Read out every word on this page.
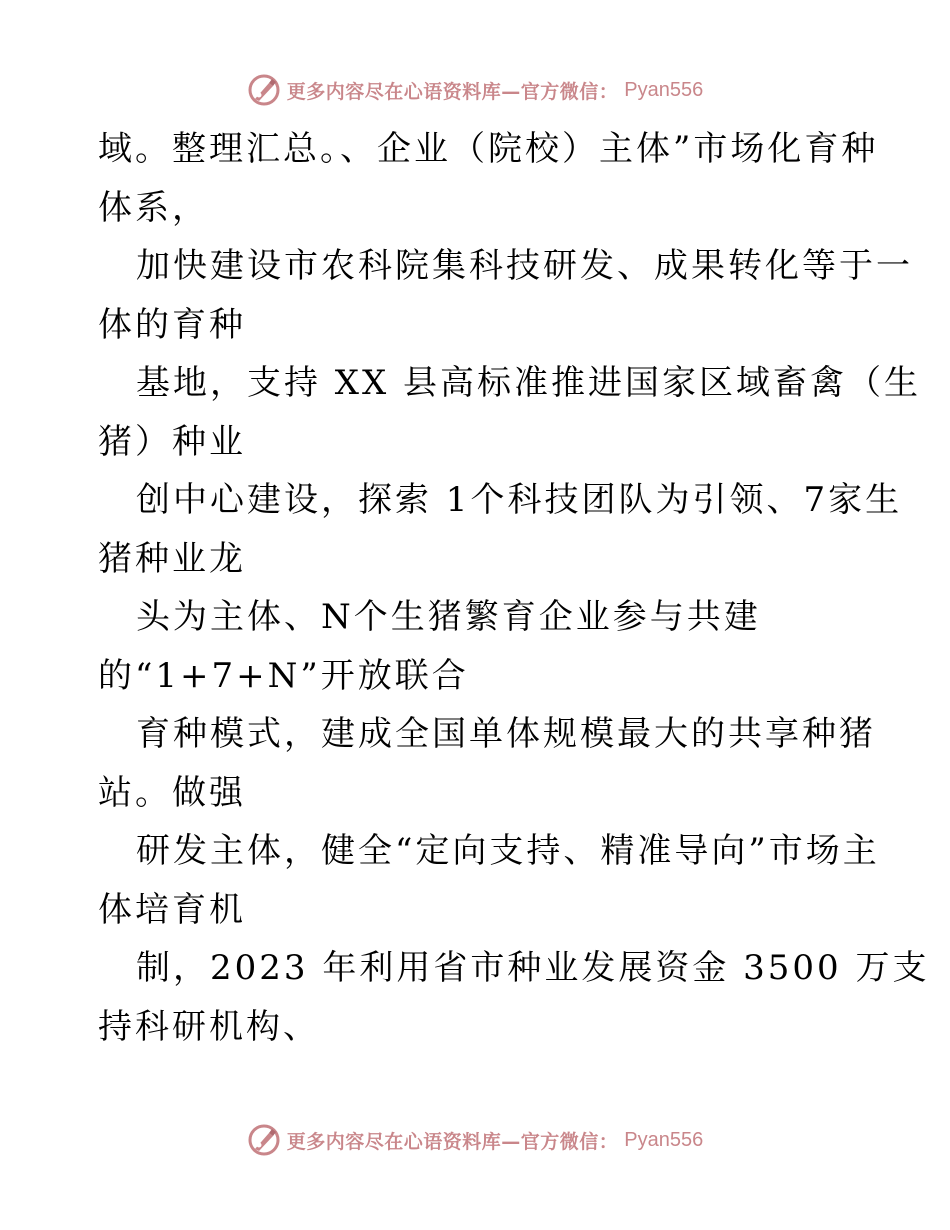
更多内容尽在心语资料库—官方微信： Pyan556
域。整理汇总。、企业（院校）主体”市场化育种
体系，
加快建设市农科院集科技研发、成果转化等于一
体的育种
基地，支持 XX 县高标准推进国家区域畜禽（生
猪）种业
创中心建设，探索 1个科技团队为引领、7家生
猪种业龙
头为主体、N个生猪繁育企业参与共建
的“1+7+N”开放联合
育种模式，建成全国单体规模最大的共享种猪
站。做强
研发主体，健全“定向支持、精准导向”市场主
体培育机
制，2023 年利用省市种业发展资金 3500 万支
持科研机构、
更多内容尽在心语资料库—官方微信： Pyan556
